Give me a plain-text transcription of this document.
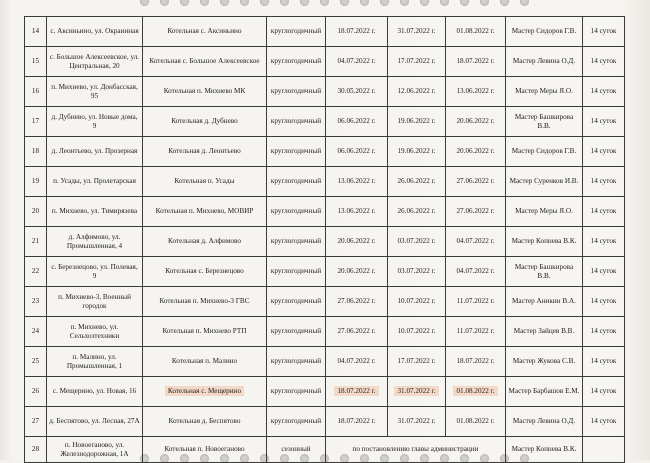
14	с. Аксиньино, ул. Окраинная	Котельная с. Аксиньино	круглогодичный	18.07.2022 г.	31.07.2022 г.	01.08.2022 г.	Мастер Сидоров Г.В.	14 суток
15	с. Большое Алексеевское, ул. Центральная, 20	Котельная с. Большое Алексеевское	круглогодичный	04.07.2022 г.	17.07.2022 г.	18.07.2022 г.	Мастер Левина О.Д.	14 суток
16	п. Михнево, ул. Донбасская, 95	Котельная п. Михнево МК	круглогодичный	30.05.2022 г.	12.06.2022 г.	13.06.2022 г.	Мастер Меры Я.О.	14 суток
17	д. Дубнево, ул. Новые дома, 9	Котельная д. Дубнево	круглогодичный	06.06.2022 г.	19.06.2022 г.	20.06.2022 г.	Мастер Башкирова В.В.	14 суток
18	д. Леонтьево, ул. Прозерная	Котельная д. Леонтьево	круглогодичный	06.06.2022 г.	19.06.2022 г.	20.06.2022 г.	Мастер Сидоров Г.В.	14 суток
19	п. Усады, ул. Пролетарская	Котельная п. Усады	круглогодичный	13.06.2022 г.	26.06.2022 г.	27.06.2022 г.	Мастер Суренков И.В.	14 суток
20	п. Михнево, ул. Тимирязева	Котельная п. Михнево, МОВИР	круглогодичный	13.06.2022 г.	26.06.2022 г.	27.06.2022 г.	Мастер Меры Я.О.	14 суток
21	д. Алфимово, ул. Промышленная, 4	Котельная д. Алфимово	круглогодичный	20.06.2022 г.	03.07.2022 г.	04.07.2022 г.	Мастер Копнева В.К.	14 суток
22	с. Березнецово, ул. Полевая, 9	Котельная с. Березнецово	круглогодичный	20.06.2022 г.	03.07.2022 г.	04.07.2022 г.	Мастер Башкирова В.В.	14 суток
23	п. Михнево-3, Военный городок	Котельная п. Михнево-3 ГВС	круглогодичный	27.06.2022 г.	10.07.2022 г.	11.07.2022 г.	Мастер Аникин В.А.	14 суток
24	п. Михнево, ул. Сельхозтехники	Котельная п. Михнево РТП	круглогодичный	27.06.2022 г.	10.07.2022 г.	11.07.2022 г.	Мастер Зайцев В.В.	14 суток
25	п. Малино, ул. Промышленная, 1	Котельная п. Малино	круглогодичный	04.07.2022 г.	17.07.2022 г.	18.07.2022 г.	Мастер Жукова С.В.	14 суток
26	с. Мещерино, ул. Новая, 16	Котельная с. Мещерино	круглогодичный	18.07.2022 г.	31.07.2022 г.	01.08.2022 г.	Мастер Барбашов Е.М.	14 суток
27	д. Беспятово, ул. Лесная, 27А	Котельная д. Беспятово	круглогодичный	18.07.2022 г.	31.07.2022 г.	01.08.2022 г.	Мастер Левина О.Д.	14 суток
28	п. Новоеганово, ул. Железнодорожная, 1А	Котельная п. Новоеганово	сезонный	по постановлению главы администрации			Мастер Копнева В.К.	
